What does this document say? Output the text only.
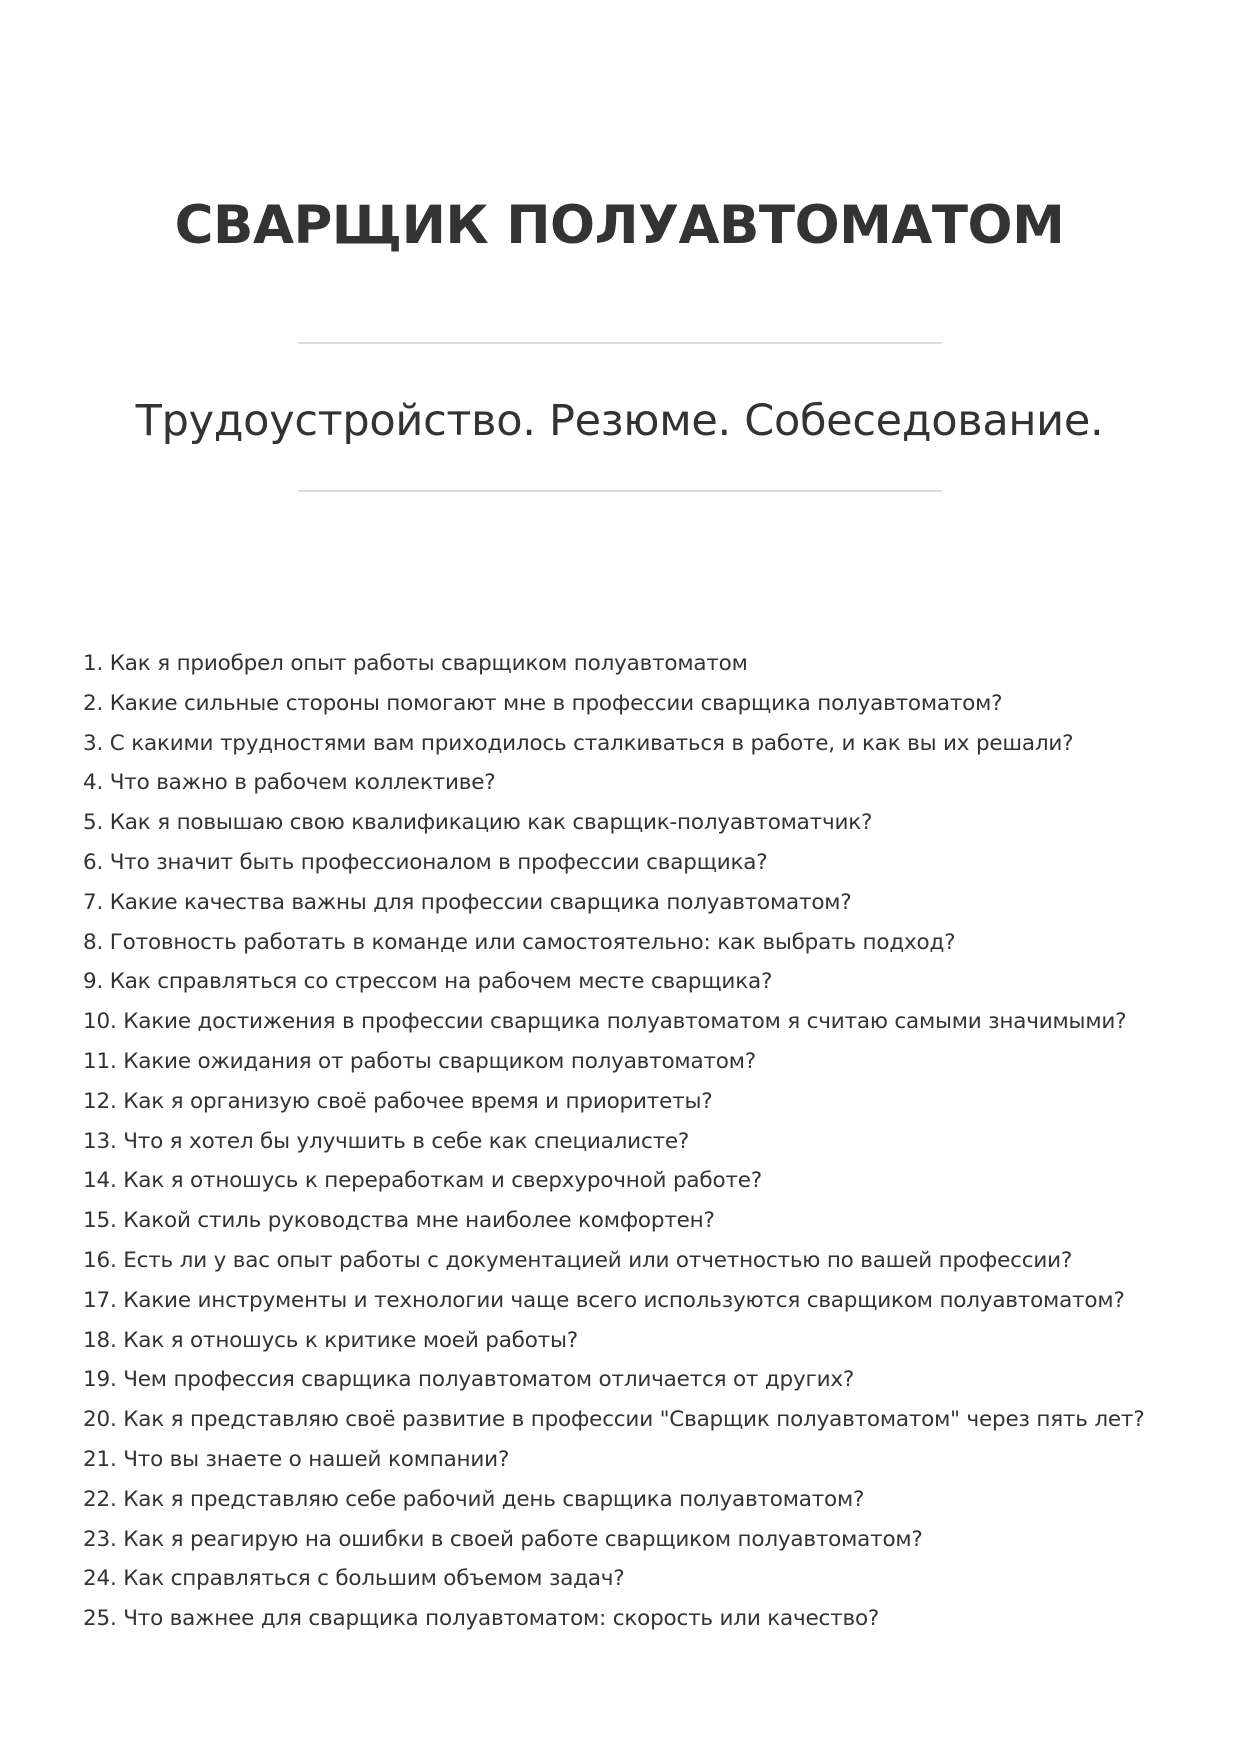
СВАРЩИК ПОЛУАВТОМАТОМ
Трудоустройство. Резюме. Собеседование.
1. Как я приобрел опыт работы сварщиком полуавтоматом
2. Какие сильные стороны помогают мне в профессии сварщика полуавтоматом?
3. С какими трудностями вам приходилось сталкиваться в работе, и как вы их решали?
4. Что важно в рабочем коллективе?
5. Как я повышаю свою квалификацию как сварщик-полуавтоматчик?
6. Что значит быть профессионалом в профессии сварщика?
7. Какие качества важны для профессии сварщика полуавтоматом?
8. Готовность работать в команде или самостоятельно: как выбрать подход?
9. Как справляться со стрессом на рабочем месте сварщика?
10. Какие достижения в профессии сварщика полуавтоматом я считаю самыми значимыми?
11. Какие ожидания от работы сварщиком полуавтоматом?
12. Как я организую своё рабочее время и приоритеты?
13. Что я хотел бы улучшить в себе как специалисте?
14. Как я отношусь к переработкам и сверхурочной работе?
15. Какой стиль руководства мне наиболее комфортен?
16. Есть ли у вас опыт работы с документацией или отчетностью по вашей профессии?
17. Какие инструменты и технологии чаще всего используются сварщиком полуавтоматом?
18. Как я отношусь к критике моей работы?
19. Чем профессия сварщика полуавтоматом отличается от других?
20. Как я представляю своё развитие в профессии "Сварщик полуавтоматом" через пять лет?
21. Что вы знаете о нашей компании?
22. Как я представляю себе рабочий день сварщика полуавтоматом?
23. Как я реагирую на ошибки в своей работе сварщиком полуавтоматом?
24. Как справляться с большим объемом задач?
25. Что важнее для сварщика полуавтоматом: скорость или качество?
